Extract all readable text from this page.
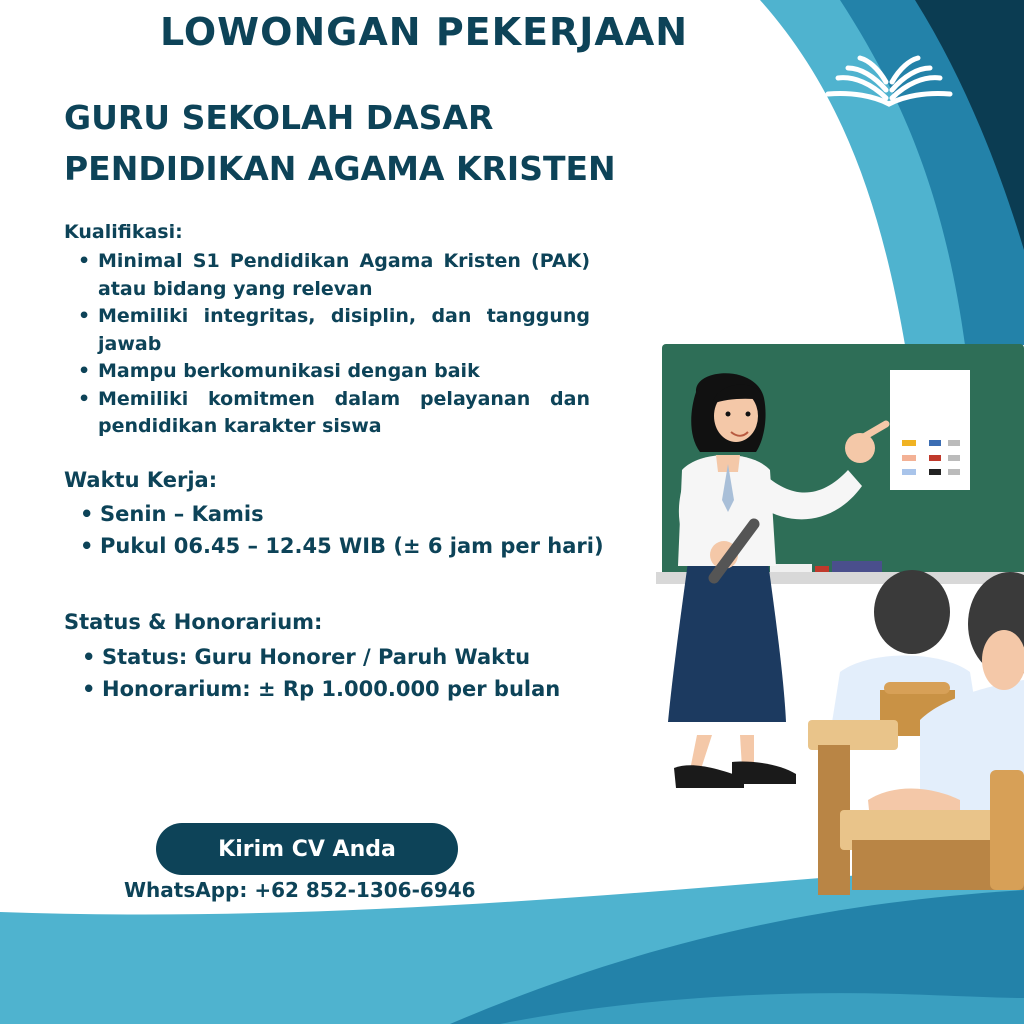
LOWONGAN PEKERJAAN
GURU SEKOLAH DASAR
PENDIDIKAN AGAMA KRISTEN
Kualifikasi:
• Minimal S1 Pendidikan Agama Kristen (PAK) atau bidang yang relevan
• Memiliki integritas, disiplin, dan tanggung jawab
• Mampu berkomunikasi dengan baik
• Memiliki komitmen dalam pelayanan dan pendidikan karakter siswa
Waktu Kerja:
• Senin – Kamis
• Pukul 06.45 – 12.45 WIB (± 6 jam per hari)
Status & Honorarium:
• Status: Guru Honorer / Paruh Waktu
• Honorarium: ± Rp 1.000.000 per bulan
Kirim CV Anda

WhatsApp: +62 852-1306-6946
